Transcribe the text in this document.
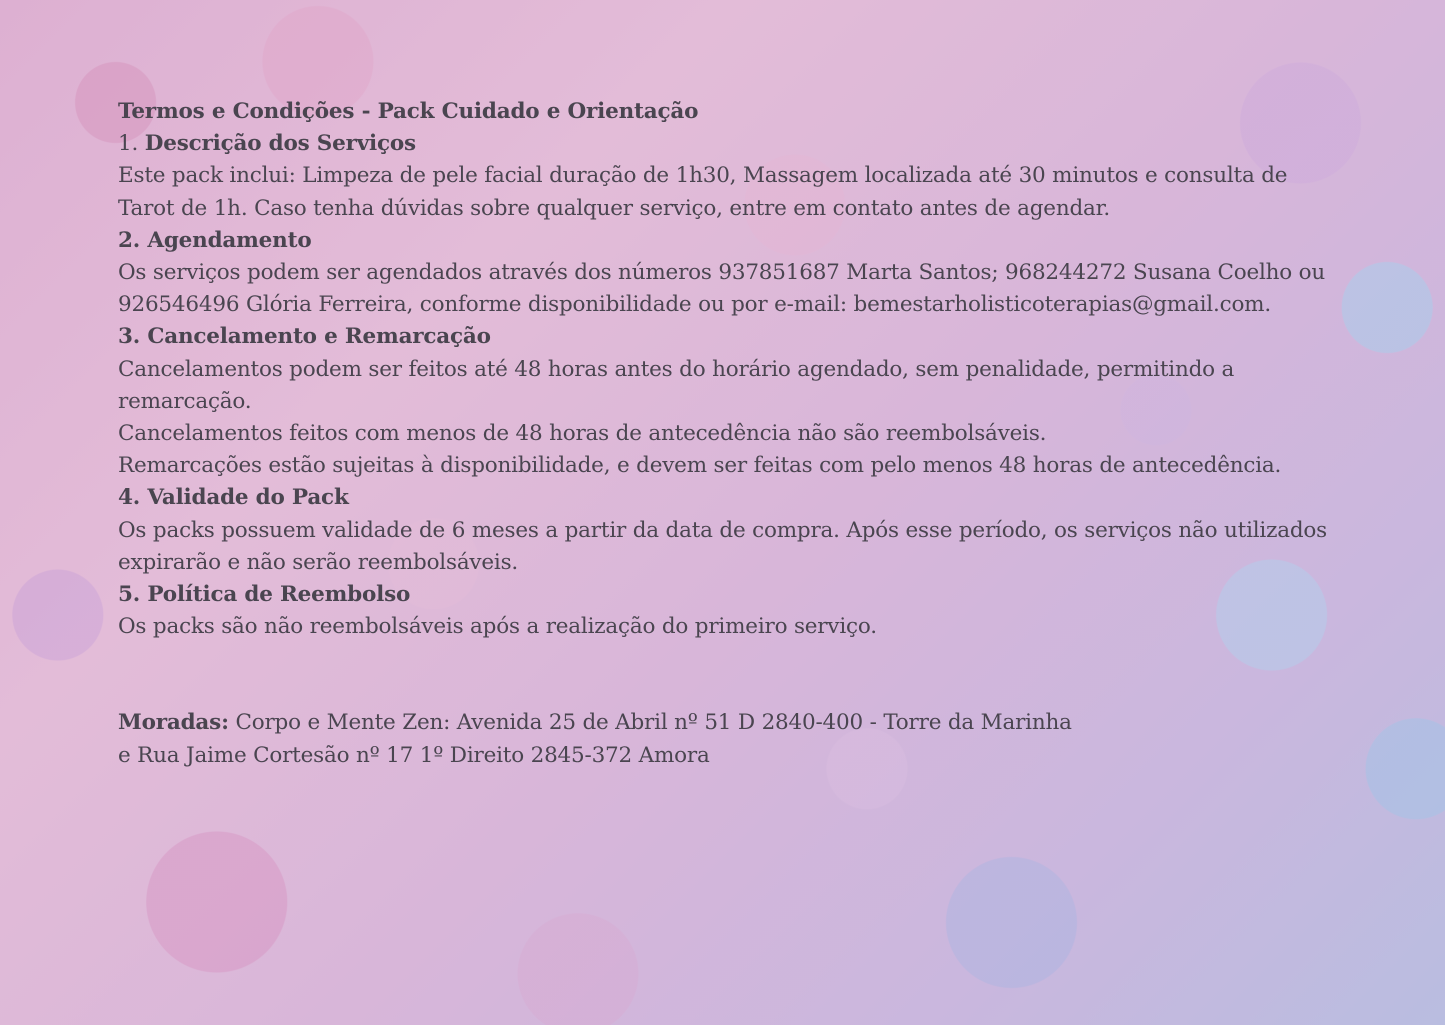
Termos e Condições - Pack Cuidado e Orientação
1. Descrição dos Serviços
Este pack inclui: Limpeza de pele facial duração de 1h30, Massagem localizada até 30 minutos e consulta de Tarot de 1h. Caso tenha dúvidas sobre qualquer serviço, entre em contato antes de agendar.
2. Agendamento
Os serviços podem ser agendados através dos números 937851687 Marta Santos; 968244272 Susana Coelho ou 926546496 Glória Ferreira, conforme disponibilidade ou por e-mail: bemestarholisticoterapias@gmail.com.
3. Cancelamento e Remarcação
Cancelamentos podem ser feitos até 48 horas antes do horário agendado, sem penalidade, permitindo a remarcação.
Cancelamentos feitos com menos de 48 horas de antecedência não são reembolsáveis.
Remarcações estão sujeitas à disponibilidade, e devem ser feitas com pelo menos 48 horas de antecedência.
4. Validade do Pack
Os packs possuem validade de 6 meses a partir da data de compra. Após esse período, os serviços não utilizados expirarão e não serão reembolsáveis.
5. Política de Reembolso
Os packs são não reembolsáveis após a realização do primeiro serviço.
Moradas: Corpo e Mente Zen: Avenida 25 de Abril nº 51 D 2840-400 - Torre da Marinha
e Rua Jaime Cortesão nº 17 1º Direito 2845-372 Amora
